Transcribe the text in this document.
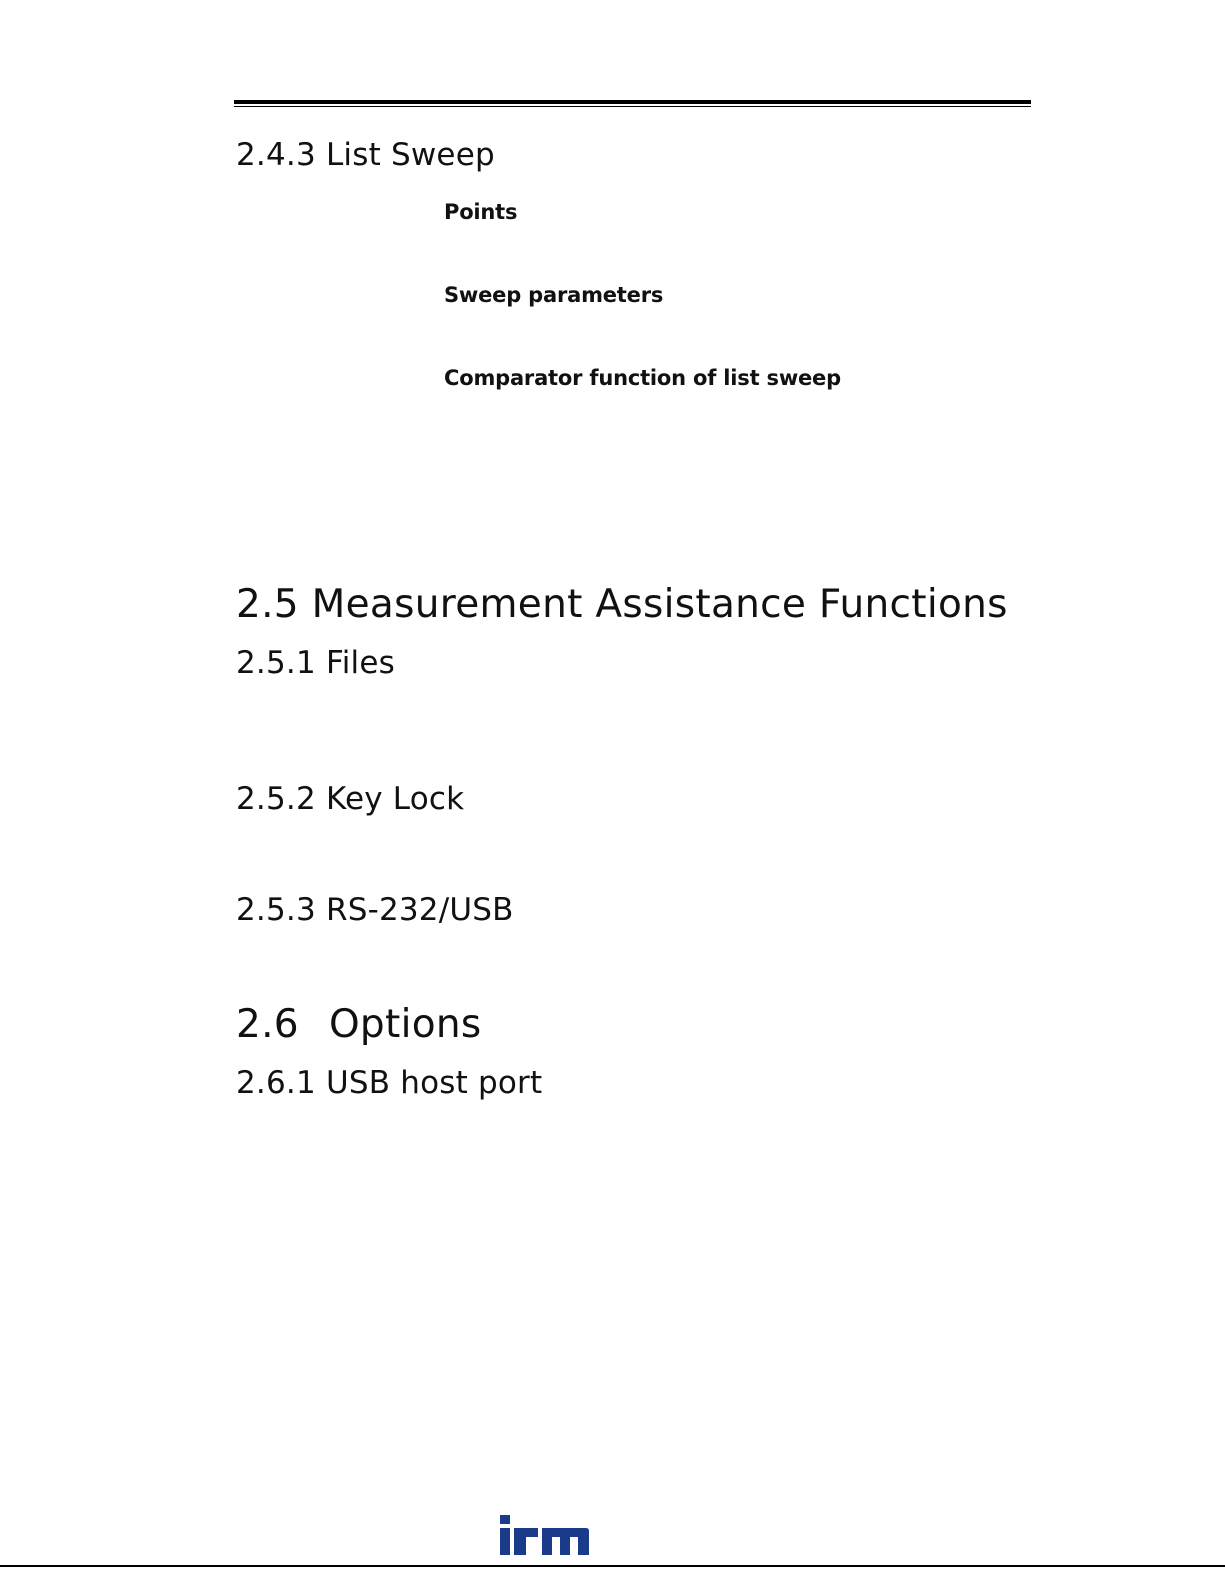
2.4.3 List Sweep
Points
Sweep parameters
Comparator function of list sweep
2.5 Measurement Assistance Functions
2.5.1 Files
2.5.2 Key Lock
2.5.3 RS-232/USB
2.6 Options
2.6.1 USB host port
